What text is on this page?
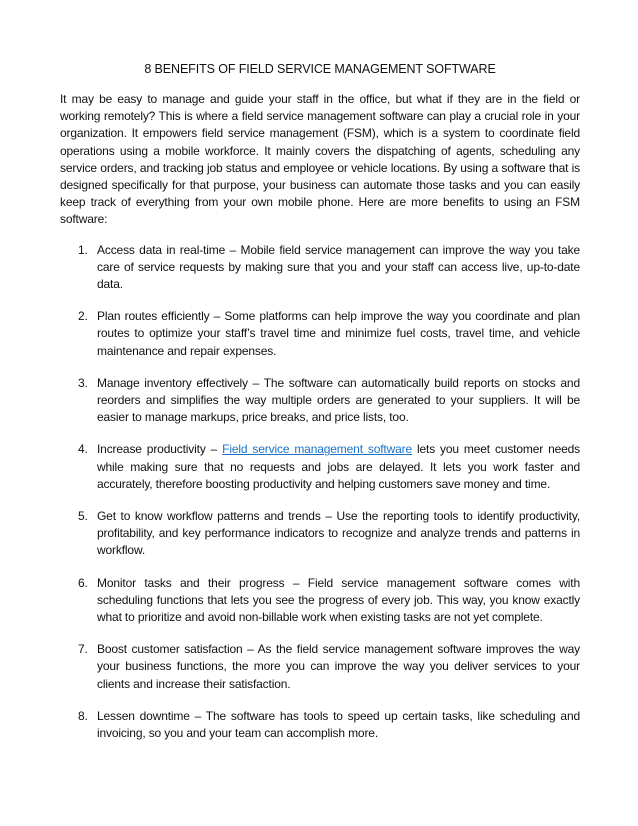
8 BENEFITS OF FIELD SERVICE MANAGEMENT SOFTWARE

It may be easy to manage and guide your staff in the office, but what if they are in the field or working remotely? This is where a field service management software can play a crucial role in your organization. It empowers field service management (FSM), which is a system to coordinate field operations using a mobile workforce. It mainly covers the dispatching of agents, scheduling any service orders, and tracking job status and employee or vehicle locations. By using a software that is designed specifically for that purpose, your business can automate those tasks and you can easily keep track of everything from your own mobile phone. Here are more benefits to using an FSM software:

1. Access data in real-time – Mobile field service management can improve the way you take care of service requests by making sure that you and your staff can access live, up-to-date data.
2. Plan routes efficiently – Some platforms can help improve the way you coordinate and plan routes to optimize your staff’s travel time and minimize fuel costs, travel time, and vehicle maintenance and repair expenses.
3. Manage inventory effectively – The software can automatically build reports on stocks and reorders and simplifies the way multiple orders are generated to your suppliers. It will be easier to manage markups, price breaks, and price lists, too.
4. Increase productivity – Field service management software lets you meet customer needs while making sure that no requests and jobs are delayed. It lets you work faster and accurately, therefore boosting productivity and helping customers save money and time.
5. Get to know workflow patterns and trends – Use the reporting tools to identify productivity, profitability, and key performance indicators to recognize and analyze trends and patterns in workflow.
6. Monitor tasks and their progress – Field service management software comes with scheduling functions that lets you see the progress of every job. This way, you know exactly what to prioritize and avoid non-billable work when existing tasks are not yet complete.
7. Boost customer satisfaction – As the field service management software improves the way your business functions, the more you can improve the way you deliver services to your clients and increase their satisfaction.
8. Lessen downtime – The software has tools to speed up certain tasks, like scheduling and invoicing, so you and your team can accomplish more.
